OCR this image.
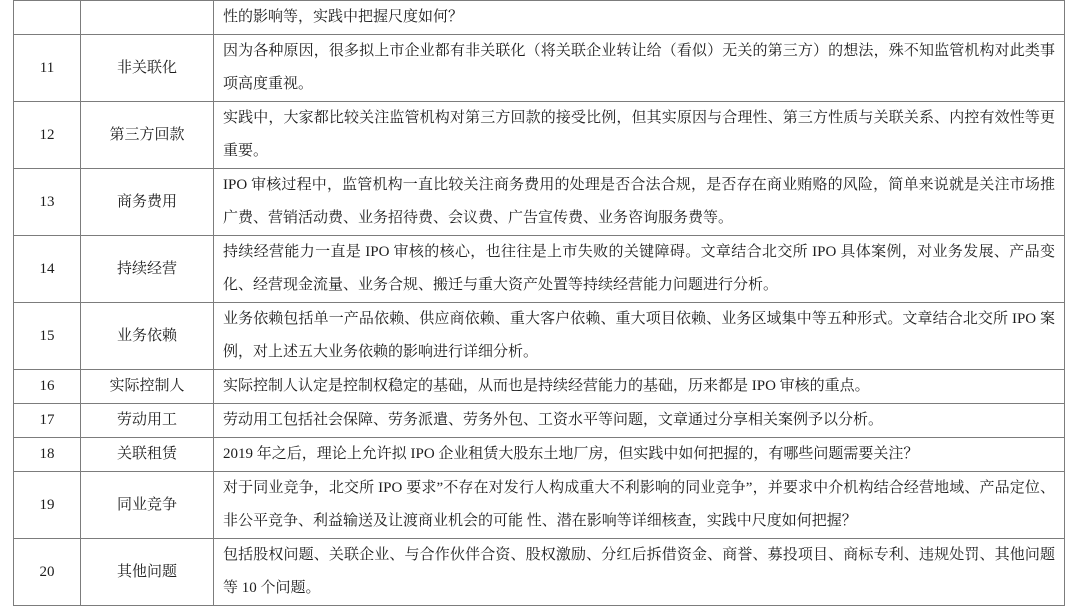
		性的影响等，实践中把握尺度如何？
11	非关联化	因为各种原因，很多拟上市企业都有非关联化（将关联企业转让给（看似）无关的第三方）的想法，殊不知监管机构对此类事项高度重视。
12	第三方回款	实践中，大家都比较关注监管机构对第三方回款的接受比例，但其实原因与合理性、第三方性质与关联关系、内控有效性等更重要。
13	商务费用	IPO 审核过程中，监管机构一直比较关注商务费用的处理是否合法合规，是否存在商业贿赂的风险，简单来说就是关注市场推广费、营销活动费、业务招待费、会议费、广告宣传费、业务咨询服务费等。
14	持续经营	持续经营能力一直是 IPO 审核的核心，也往往是上市失败的关键障碍。文章结合北交所 IPO 具体案例，对业务发展、产品变化、经营现金流量、业务合规、搬迁与重大资产处置等持续经营能力问题进行分析。
15	业务依赖	业务依赖包括单一产品依赖、供应商依赖、重大客户依赖、重大项目依赖、业务区域集中等五种形式。文章结合北交所 IPO 案例，对上述五大业务依赖的影响进行详细分析。
16	实际控制人	实际控制人认定是控制权稳定的基础，从而也是持续经营能力的基础，历来都是 IPO 审核的重点。
17	劳动用工	劳动用工包括社会保障、劳务派遣、劳务外包、工资水平等问题，文章通过分享相关案例予以分析。
18	关联租赁	2019 年之后，理论上允许拟 IPO 企业租赁大股东土地厂房，但实践中如何把握的，有哪些问题需要关注？
19	同业竞争	对于同业竞争，北交所 IPO 要求”不存在对发行人构成重大不利影响的同业竞争”，并要求中介机构结合经营地域、产品定位、非公平竞争、利益输送及让渡商业机会的可能 性、潜在影响等详细核查，实践中尺度如何把握？
20	其他问题	包括股权问题、关联企业、与合作伙伴合资、股权激励、分红后拆借资金、商誉、募投项目、商标专利、违规处罚、其他问题等 10 个问题。
